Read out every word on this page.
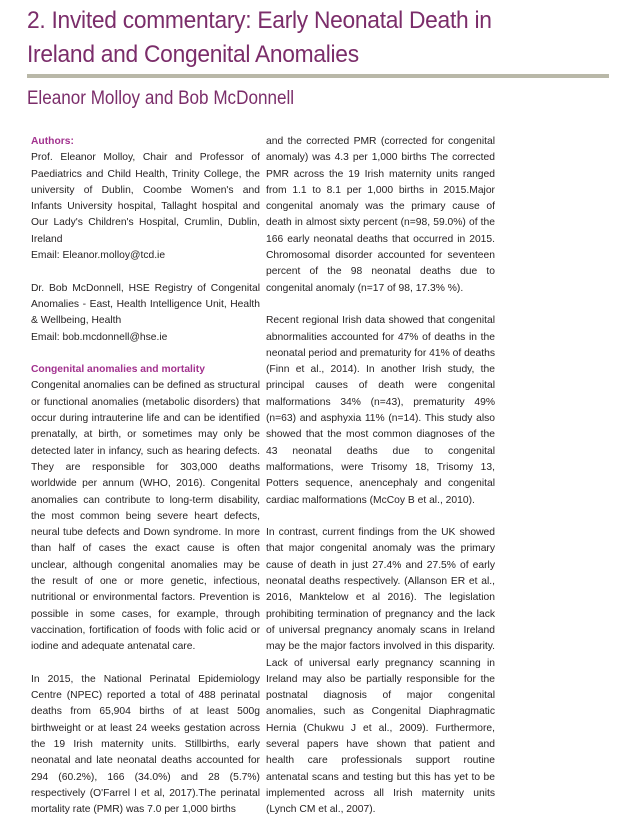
2. Invited commentary: Early Neonatal Death in
Ireland and Congenital Anomalies
Eleanor Molloy and Bob McDonnell

Authors:
Prof. Eleanor Molloy, Chair and Professor of Paediatrics and Child Health, Trinity College, the university of Dublin, Coombe Women's and Infants University hospital, Tallaght hospital and Our Lady's Children's Hospital, Crumlin, Dublin, Ireland
Email: Eleanor.molloy@tcd.ie

Dr. Bob McDonnell, HSE Registry of Congenital Anomalies - East, Health Intelligence Unit, Health & Wellbeing, Health
Email: bob.mcdonnell@hse.ie

Congenital anomalies and mortality
Congenital anomalies can be defined as structural or functional anomalies (metabolic disorders) that occur during intrauterine life and can be identified prenatally, at birth, or sometimes may only be detected later in infancy, such as hearing defects. They are responsible for 303,000 deaths worldwide per annum (WHO, 2016). Congenital anomalies can contribute to long-term disability, the most common being severe heart defects, neural tube defects and Down syndrome. In more than half of cases the exact cause is often unclear, although congenital anomalies may be the result of one or more genetic, infectious, nutritional or environmental factors. Prevention is possible in some cases, for example, through vaccination, fortification of foods with folic acid or iodine and adequate antenatal care.

In 2015, the National Perinatal Epidemiology Centre (NPEC) reported a total of 488 perinatal deaths from 65,904 births of at least 500g birthweight or at least 24 weeks gestation across the 19 Irish maternity units. Stillbirths, early neonatal and late neonatal deaths accounted for 294 (60.2%), 166 (34.0%) and 28 (5.7%) respectively (O'Farrel l et al, 2017).The perinatal mortality rate (PMR) was 7.0 per 1,000 births

and the corrected PMR (corrected for congenital anomaly) was 4.3 per 1,000 births The corrected PMR across the 19 Irish maternity units ranged from 1.1 to 8.1 per 1,000 births in 2015.Major congenital anomaly was the primary cause of death in almost sixty percent (n=98, 59.0%) of the 166 early neonatal deaths that occurred in 2015. Chromosomal disorder accounted for seventeen percent of the 98 neonatal deaths due to congenital anomaly (n=17 of 98, 17.3% %).

Recent regional Irish data showed that congenital abnormalities accounted for 47% of deaths in the neonatal period and prematurity for 41% of deaths (Finn et al., 2014). In another Irish study, the principal causes of death were congenital malformations 34% (n=43), prematurity 49% (n=63) and asphyxia 11% (n=14). This study also showed that the most common diagnoses of the 43 neonatal deaths due to congenital malformations, were Trisomy 18, Trisomy 13, Potters sequence, anencephaly and congenital cardiac malformations (McCoy B et al., 2010).

In contrast, current findings from the UK showed that major congenital anomaly was the primary cause of death in just 27.4% and 27.5% of early neonatal deaths respectively. (Allanson ER et al., 2016, Manktelow et al 2016). The legislation prohibiting termination of pregnancy and the lack of universal pregnancy anomaly scans in Ireland may be the major factors involved in this disparity. Lack of universal early pregnancy scanning in Ireland may also be partially responsible for the postnatal diagnosis of major congenital anomalies, such as Congenital Diaphragmatic Hernia (Chukwu J et al., 2009). Furthermore, several papers have shown that patient and health care professionals support routine antenatal scans and testing but this has yet to be implemented across all Irish maternity units (Lynch CM et al., 2007).
